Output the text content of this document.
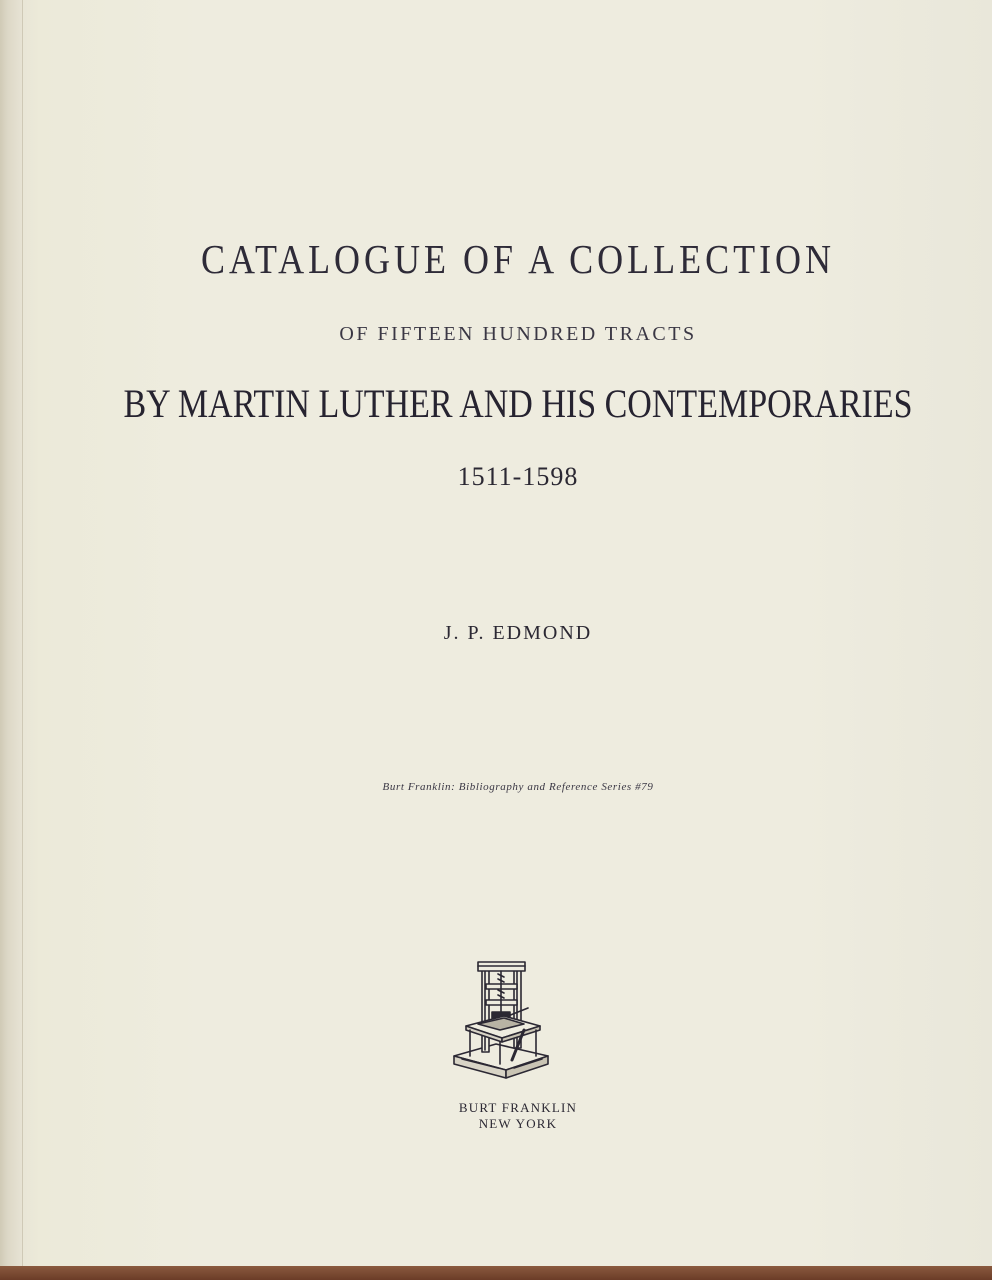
CATALOGUE OF A COLLECTION

OF FIFTEEN HUNDRED TRACTS

BY MARTIN LUTHER AND HIS CONTEMPORARIES

1511-1598

J. P. EDMOND

Burt Franklin: Bibliography and Reference Series #79

BURT FRANKLIN

NEW YORK
